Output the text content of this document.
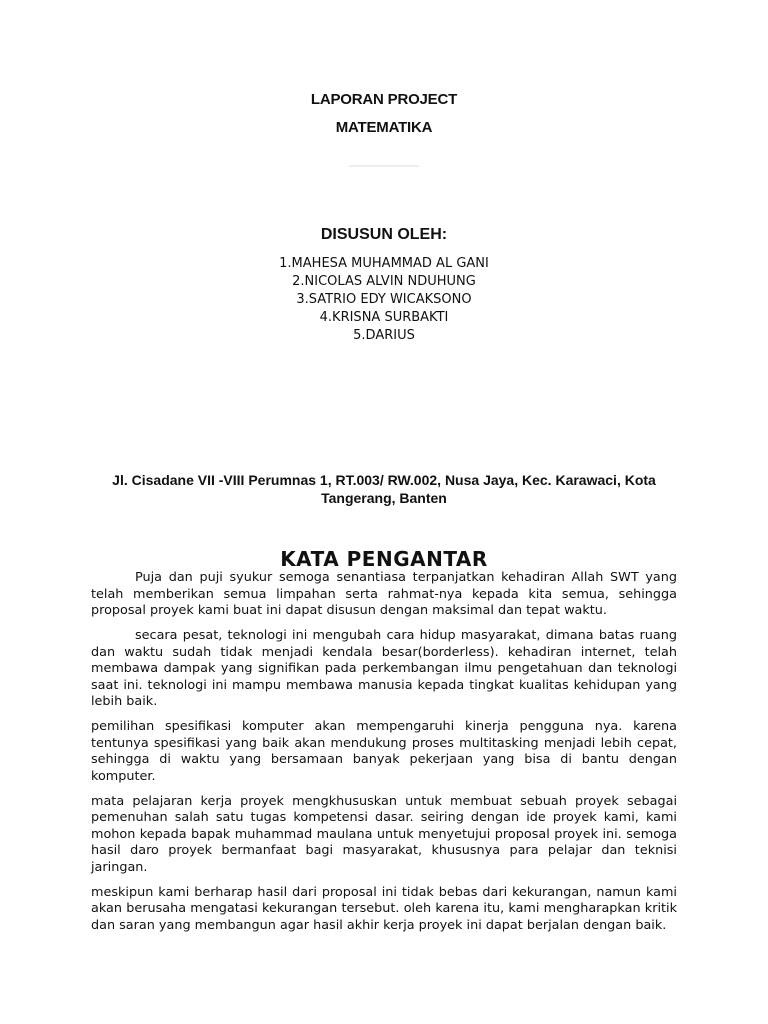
LAPORAN PROJECT
MATEMATIKA
DISUSUN OLEH:
1.MAHESA MUHAMMAD AL GANI
2.NICOLAS ALVIN NDUHUNG
3.SATRIO EDY WICAKSONO
4.KRISNA SURBAKTI
5.DARIUS
Jl. Cisadane VII -VIII Perumnas 1, RT.003/ RW.002, Nusa Jaya, Kec. Karawaci, Kota Tangerang, Banten
KATA PENGANTAR

Puja dan puji syukur semoga senantiasa terpanjatkan kehadiran Allah SWT yang telah memberikan semua limpahan serta rahmat-nya kepada kita semua, sehingga proposal proyek kami buat ini dapat disusun dengan maksimal dan tepat waktu.

secara pesat, teknologi ini mengubah cara hidup masyarakat, dimana batas ruang dan waktu sudah tidak menjadi kendala besar(borderless). kehadiran internet, telah membawa dampak yang signifikan pada perkembangan ilmu pengetahuan dan teknologi saat ini. teknologi ini mampu membawa manusia kepada tingkat kualitas kehidupan yang lebih baik.

pemilihan spesifikasi komputer akan mempengaruhi kinerja pengguna nya. karena tentunya spesifikasi yang baik akan mendukung proses multitasking menjadi lebih cepat, sehingga di waktu yang bersamaan banyak pekerjaan yang bisa di bantu dengan komputer.

mata pelajaran kerja proyek mengkhususkan untuk membuat sebuah proyek sebagai pemenuhan salah satu tugas kompetensi dasar. seiring dengan ide proyek kami, kami mohon kepada bapak muhammad maulana untuk menyetujui proposal proyek ini. semoga hasil daro proyek bermanfaat bagi masyarakat, khususnya para pelajar dan teknisi jaringan.

meskipun kami berharap hasil dari proposal ini tidak bebas dari kekurangan, namun kami akan berusaha mengatasi kekurangan tersebut. oleh karena itu, kami mengharapkan kritik dan saran yang membangun agar hasil akhir kerja proyek ini dapat berjalan dengan baik.
